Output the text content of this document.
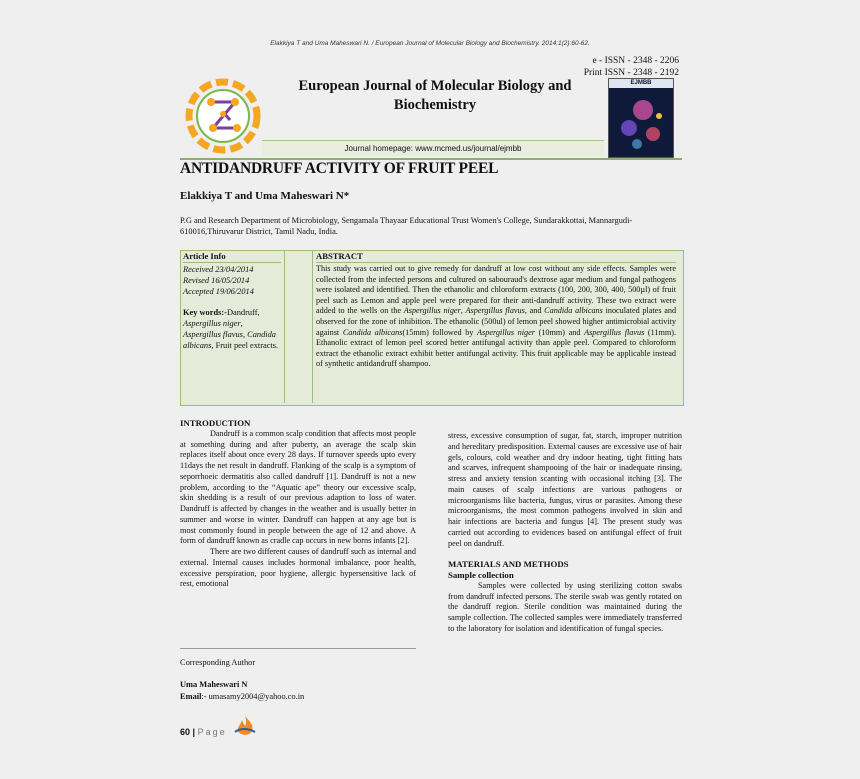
Elakkiya T and Uma Maheswari N. / European Journal of Molecular Biology and Biochemistry. 2014;1(2):60-62.
e - ISSN - 2348 - 2206
Print ISSN - 2348 - 2192
European Journal of Molecular Biology and
Biochemistry
EJMBB
Journal homepage: www.mcmed.us/journal/ejmbb
ANTIDANDRUFF ACTIVITY OF FRUIT PEEL
Elakkiya T and Uma Maheswari N*
P.G and Research Department of Microbiology, Sengamala Thayaar Educational Trust Women's College, Sundarakkottai, Mannargudi-610016,Thiruvarur District, Tamil Nadu, India.
Article Info
Received 23/04/2014
Revised 16/05/2014
Accepted 19/06/2014
Key words:-Dandruff, Aspergillus niger, Aspergillus flavus, Candida albicans, Fruit peel extracts.
ABSTRACT
This study was carried out to give remedy for dandruff at low cost without any side effects. Samples were collected from the infected persons and cultured on sabouraud's dextrose agar medium and fungal pathogens were isolated and identified. Then the ethanolic and chloroform extracts (100, 200, 300, 400, 500µl) of fruit peel such as Lemon and apple peel were prepared for their anti-dandruff activity. These two extract were added to the wells on the Aspergillus niger, Aspergillus flavus, and Candida albicans inoculated plates and observed for the zone of inhibition. The ethanolic (500ul) of lemon peel showed higher antimicrobial activity against Candida albicans(15mm) followed by Aspergillus niger (10mm) and Aspergillus flavus (11mm). Ethanolic extract of lemon peel scored better antifungal activity than apple peel. Compared to chloroform extract the ethanolic extract exhibit better antifungal activity. This fruit applicable may be applicable instead of synthetic antidandruff shampoo.
INTRODUCTION

Dandruff is a common scalp condition that affects most people at something during and after puberty, an average the scalp skin replaces itself about once every 28 days. If turnover speeds upto every 11days the net result in dandruff. Flanking of the scalp is a symptom of seporrhoeic dermatitis also called dandruff [1]. Dandruff is not a new problem, according to the “Aquatic ape” theory our excessive scalp, skin shedding is a result of our previous adaption to loss of water. Dandruff is affected by changes in the weather and is usually better in summer and worse in winter. Dandruff can happen at any age but is most commonly found in people between the age of 12 and above. A form of dandruff known as cradle cap occurs in new borns infants [2].

There are two different causes of dandruff such as internal and external. Internal causes includes hormonal imbalance, poor health, excessive perspiration, poor hygiene, allergic hypersensitive lack of rest, emotional

stress, excessive consumption of sugar, fat, starch, improper nutrition and hereditary predisposition. External causes are excessive use of hair gels, colours, cold weather and dry indoor heating, tight fitting hats and scarves, infrequent shampooing of the hair or inadequate rinsing, stress and anxiety tension scanting with occasional itching [3]. The main causes of scalp infections are various pathogens or microorganisms like bacteria, fungus, virus or parasites. Among these microorganisms, the most common pathogens involved in skin and hair infections are bacteria and fungus [4]. The present study was carried out according to evidences based on antifungal effect of fruit peel on dandruff.

MATERIALS AND METHODS
Sample collection

Samples were collected by using sterilizing cotton swabs from dandruff infected persons. The sterile swab was gently rotated on the dandruff region. Sterile condition was maintained during the sample collection. The collected samples were immediately transferred to the laboratory for isolation and identification of fungal species.

Corresponding Author
Uma Maheswari N
Email:- umasamy2004@yahoo.co.in
60 | Page
